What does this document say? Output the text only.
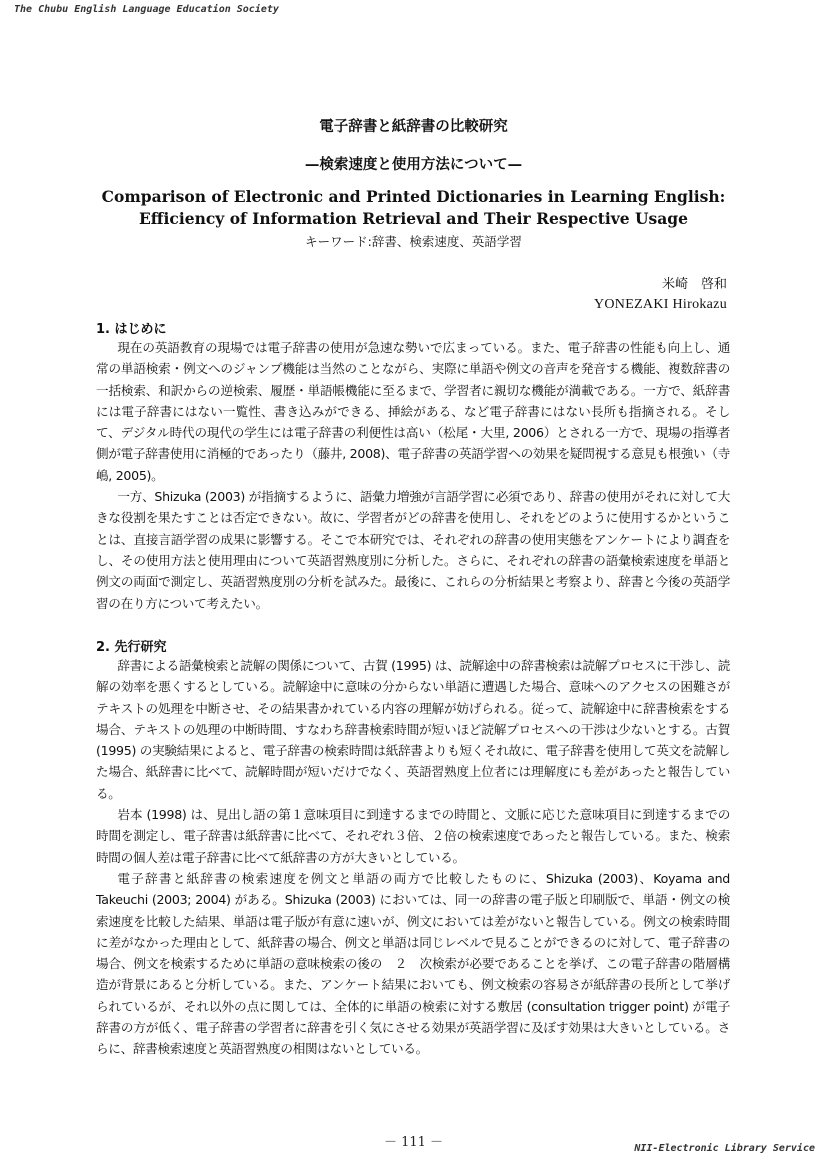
The Chubu English Language Education Society
電子辞書と紙辞書の比較研究
—検索速度と使用方法について—
Comparison of Electronic and Printed Dictionaries in Learning English:
Efficiency of Information Retrieval and Their Respective Usage
キーワード:辞書、検索速度、英語学習
米崎　啓和
YONEZAKI Hirokazu
1. はじめに

現在の英語教育の現場では電子辞書の使用が急速な勢いで広まっている。また、電子辞書の性能も向上し、通常の単語検索・例文へのジャンプ機能は当然のことながら、実際に単語や例文の音声を発音する機能、複数辞書の一括検索、和訳からの逆検索、履歴・単語帳機能に至るまで、学習者に親切な機能が満載である。一方で、紙辞書には電子辞書にはない一覧性、書き込みができる、挿絵がある、など電子辞書にはない長所も指摘される。そして、デジタル時代の現代の学生には電子辞書の利便性は高い（松尾・大里, 2006）とされる一方で、現場の指導者側が電子辞書使用に消極的であったり（藤井, 2008)、電子辞書の英語学習への効果を疑問視する意見も根強い（寺嶋, 2005)。

一方、Shizuka (2003) が指摘するように、語彙力増強が言語学習に必須であり、辞書の使用がそれに対して大きな役割を果たすことは否定できない。故に、学習者がどの辞書を使用し、それをどのように使用するかということは、直接言語学習の成果に影響する。そこで本研究では、それぞれの辞書の使用実態をアンケートにより調査をし、その使用方法と使用理由について英語習熟度別に分析した。さらに、それぞれの辞書の語彙検索速度を単語と例文の両面で測定し、英語習熟度別の分析を試みた。最後に、これらの分析結果と考察より、辞書と今後の英語学習の在り方について考えたい。

2. 先行研究

辞書による語彙検索と読解の関係について、古賀 (1995) は、読解途中の辞書検索は読解プロセスに干渉し、読解の効率を悪くするとしている。読解途中に意味の分からない単語に遭遇した場合、意味へのアクセスの困難さがテキストの処理を中断させ、その結果書かれている内容の理解が妨げられる。従って、読解途中に辞書検索をする場合、テキストの処理の中断時間、すなわち辞書検索時間が短いほど読解プロセスへの干渉は少ないとする。古賀 (1995) の実験結果によると、電子辞書の検索時間は紙辞書よりも短くそれ故に、電子辞書を使用して英文を読解した場合、紙辞書に比べて、読解時間が短いだけでなく、英語習熟度上位者には理解度にも差があったと報告している。

岩本 (1998) は、見出し語の第１意味項目に到達するまでの時間と、文脈に応じた意味項目に到達するまでの時間を測定し、電子辞書は紙辞書に比べて、それぞれ３倍、２倍の検索速度であったと報告している。また、検索時間の個人差は電子辞書に比べて紙辞書の方が大きいとしている。

電子辞書と紙辞書の検索速度を例文と単語の両方で比較したものに、Shizuka (2003)、Koyama and Takeuchi (2003; 2004) がある。Shizuka (2003) においては、同一の辞書の電子版と印刷版で、単語・例文の検索速度を比較した結果、単語は電子版が有意に速いが、例文においては差がないと報告している。例文の検索時間に差がなかった理由として、紙辞書の場合、例文と単語は同じレベルで見ることができるのに対して、電子辞書の場合、例文を検索するために単語の意味検索の後の　２　次検索が必要であることを挙げ、この電子辞書の階層構造が背景にあると分析している。また、アンケート結果においても、例文検索の容易さが紙辞書の長所として挙げられているが、それ以外の点に関しては、全体的に単語の検索に対する敷居 (consultation trigger point) が電子辞書の方が低く、電子辞書の学習者に辞書を引く気にさせる効果が英語学習に及ぼす効果は大きいとしている。さらに、辞書検索速度と英語習熟度の相関はないとしている。

－ 111 －	NII-Electronic Library Service
